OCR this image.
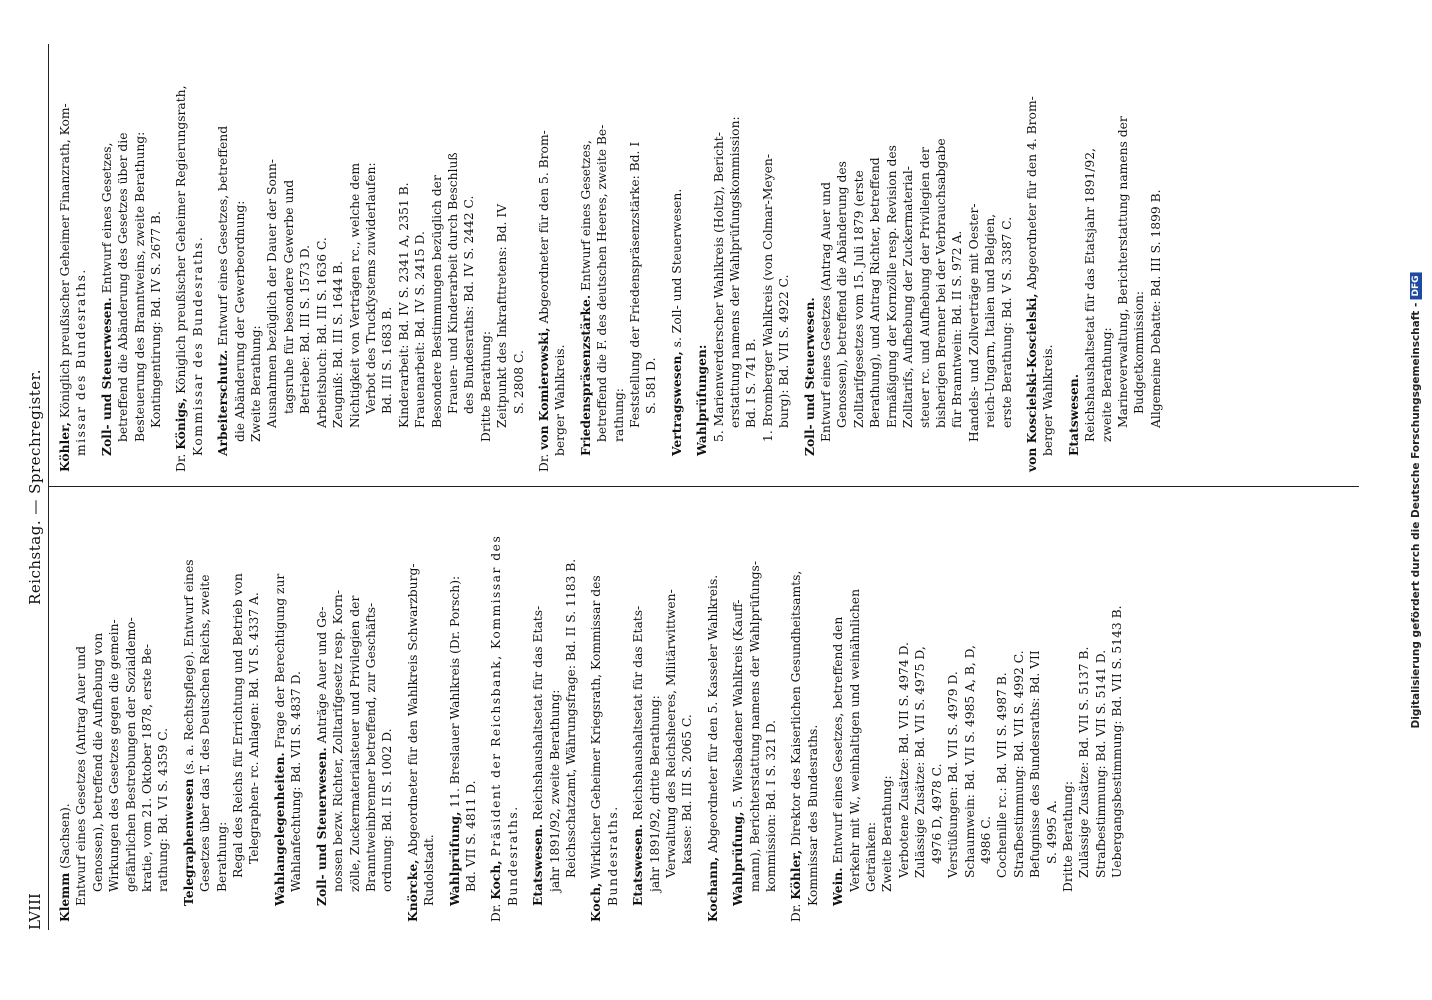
LVIII
Reichstag. — Sprechregister.
Klemm (Sachsen). Entwurf eines Gesetzes (Antrag Auer und Genossen), betreffend die Aufhebung von Wirkungen des Gesetzes gegen die gemein- gefährlichen Bestrebungen der Sozialdemo- kratie, vom 21. Oktober 1878, erste Be- rathung: Bd. VI S. 4359 C. Telegraphenwesen (s. a. Rechtspflege). Entwurf eines Gesetzes über das T. des Deutschen Reichs, zweite Berathung: Regal des Reichs für Errichtung und Betrieb von Telegraphen- rc. Anlagen: Bd. VI S. 4337 A. Wahlangelegenheiten. Frage der Berechtigung zur
Wahlanfechtung: Bd. VII S. 4837 D. Zoll- und Steuerwesen. Anträge Auer und Ge- nossen bezw. Richter, Zolltarifgesetz resp. Korn- zölle, Zuckermaterialsteuer und Privilegien der Branntweinbrenner betreffend, zur Geschäfts- ordnung: Bd. II S. 1002 D. Knörcke, Abgeordneter für den Wahlkreis Schwarzburg-
Rudolstadt. Wahlprüfung, 11. Breslauer Wahlkreis (Dr. Porsch):
Bd. VII S. 4811 D.
Dr. Koch, Präsident der Reichsbank, Kommissar des Bundesraths. Etatswesen. Reichshaushaltsetat für das Etats- jahr 1891/92, zweite Berathung: Reichsschatzamt, Währungsfrage: Bd. II S. 1183 B.
Koch, Wirklicher Geheimer Kriegsrath, Kommissar des Bundesraths. Etatswesen. Reichshaushaltsetat für das Etats- jahr 1891/92, dritte Berathung: Verwaltung des Reichsheeres, Militärwittwen- kasse: Bd. III S. 2065 C.
Kochann, Abgeordneter für den 5. Kasseler Wahlkreis.
Wahlprüfung, 5. Wiesbadener Wahlkreis (Kauff- mann), Berichterstattung namens der Wahlprüfungs- kommission: Bd. I S. 321 D.
Dr. Köhler, Direktor des Kaiserlichen Gesundheitsamts, Kommissar des Bundesraths. Wein. Entwurf eines Gesetzes, betreffend den Verkehr mit W., weinhaltigen und weinähnlichen Getränken: Zweite Berathung: Verbotene Zusätze: Bd. VII S. 4974 D. Zulässige Zusätze: Bd. VII S. 4975 D, 4976 D, 4978 C. Verstüßungen: Bd. VII S. 4979 D. Schaumwein: Bd. VII S. 4985 A, B, D, 4986 C. Cochenille rc.: Bd. VII S. 4987 B. Strafbestimmung: Bd. VII S. 4992 C. Befugnisse des Bundesraths: Bd. VII S. 4995 A. Dritte Berathung: Zulässige Zusätze: Bd. VII S. 5137 B. Strafbestimmung: Bd. VII S. 5141 D. Uebergangsbestimmung: Bd. VII S. 5143 B.
Köhler, Königlich preußischer Geheimer Finanzrath, Kom- missar des Bundesraths. Zoll- und Steuerwesen. Entwurf eines Gesetzes, betreffend die Abänderung des Gesetzes über die Besteuerung des Branntweins, zweite Berathung: Kontingentirung: Bd. IV S. 2677 B.
Dr. Königs, Königlich preußischer Geheimer Regierungsrath, Kommissar des Bundesraths. Arbeiterschutz. Entwurf eines Gesetzes, betreffend die Abänderung der Gewerbeordnung: Zweite Berathung: Ausnahmen bezüglich der Dauer der Sonn- tagsruhe für besondere Gewerbe und Betriebe: Bd. III S. 1573 D. Arbeitsbuch: Bd. III S. 1636 C. Zeugniß: Bd. III S. 1644 B. Nichtigkeit von Verträgen rc., welche dem Verbot des Truckſystems zuwiderlaufen: Bd. III S. 1683 B. Kinderarbeit: Bd. IV S. 2341 A, 2351 B. Frauenarbeit: Bd. IV S. 2415 D. Besondere Bestimmungen bezüglich der Frauen- und Kinderarbeit durch Beschluß des Bundesraths: Bd. IV S. 2442 C. Dritte Berathung: Zeitpunkt des Inkrafttretens: Bd. IV S. 2808 C.
Dr. von Komierowski, Abgeordneter für den 5. Brom-
berger Wahlkreis. Friedenspräsenzstärke. Entwurf eines Gesetzes, betreffend die F. des deutschen Heeres, zweite Be- rathung: Feststellung der Friedenspräsenzstärke: Bd. I S. 581 D. Vertragswesen, s. Zoll- und Steuerwesen.
Wahlprüfungen: 5. Marienwerderscher Wahlkreis (Holtz), Bericht- erstattung namens der Wahlprüfungskommission: Bd. I S. 741 B. 1. Bromberger Wahlkreis (von Colmar-Meyen- burg): Bd. VII S. 4922 C. Zoll- und Steuerwesen. Entwurf eines Gesetzes (Antrag Auer und Genossen), betreffend die Abänderung des Zolltarifgesetzes vom 15. Juli 1879 (erste Berathung), und Antrag Richter, betreffend Ermäßigung der Kornzölle resp. Revision des Zolltarifs, Aufhebung der Zuckermaterial- steuer rc. und Aufhebung der Privilegien der bisherigen Brenner bei der Verbrauchsabgabe für Branntwein: Bd. II S. 972 A. Handels- und Zollverträge mit Oester- reich-Ungarn, Italien und Belgien, erste Berathung: Bd. V S. 3387 C. von Koscielski-Koscielski, Abgeordneter für den 4. Brom-
berger Wahlkreis. Etatswesen. Reichshaushaltsetat für das Etatsjahr 1891/92, zweite Berathung: Marineverwaltung, Berichterstattung namens der Budgetkommission: Allgemeine Debatte: Bd. III S. 1899 B.	Digitalisierung gefördert durch die Deutsche Forschungsgemeinschaft - DFG
